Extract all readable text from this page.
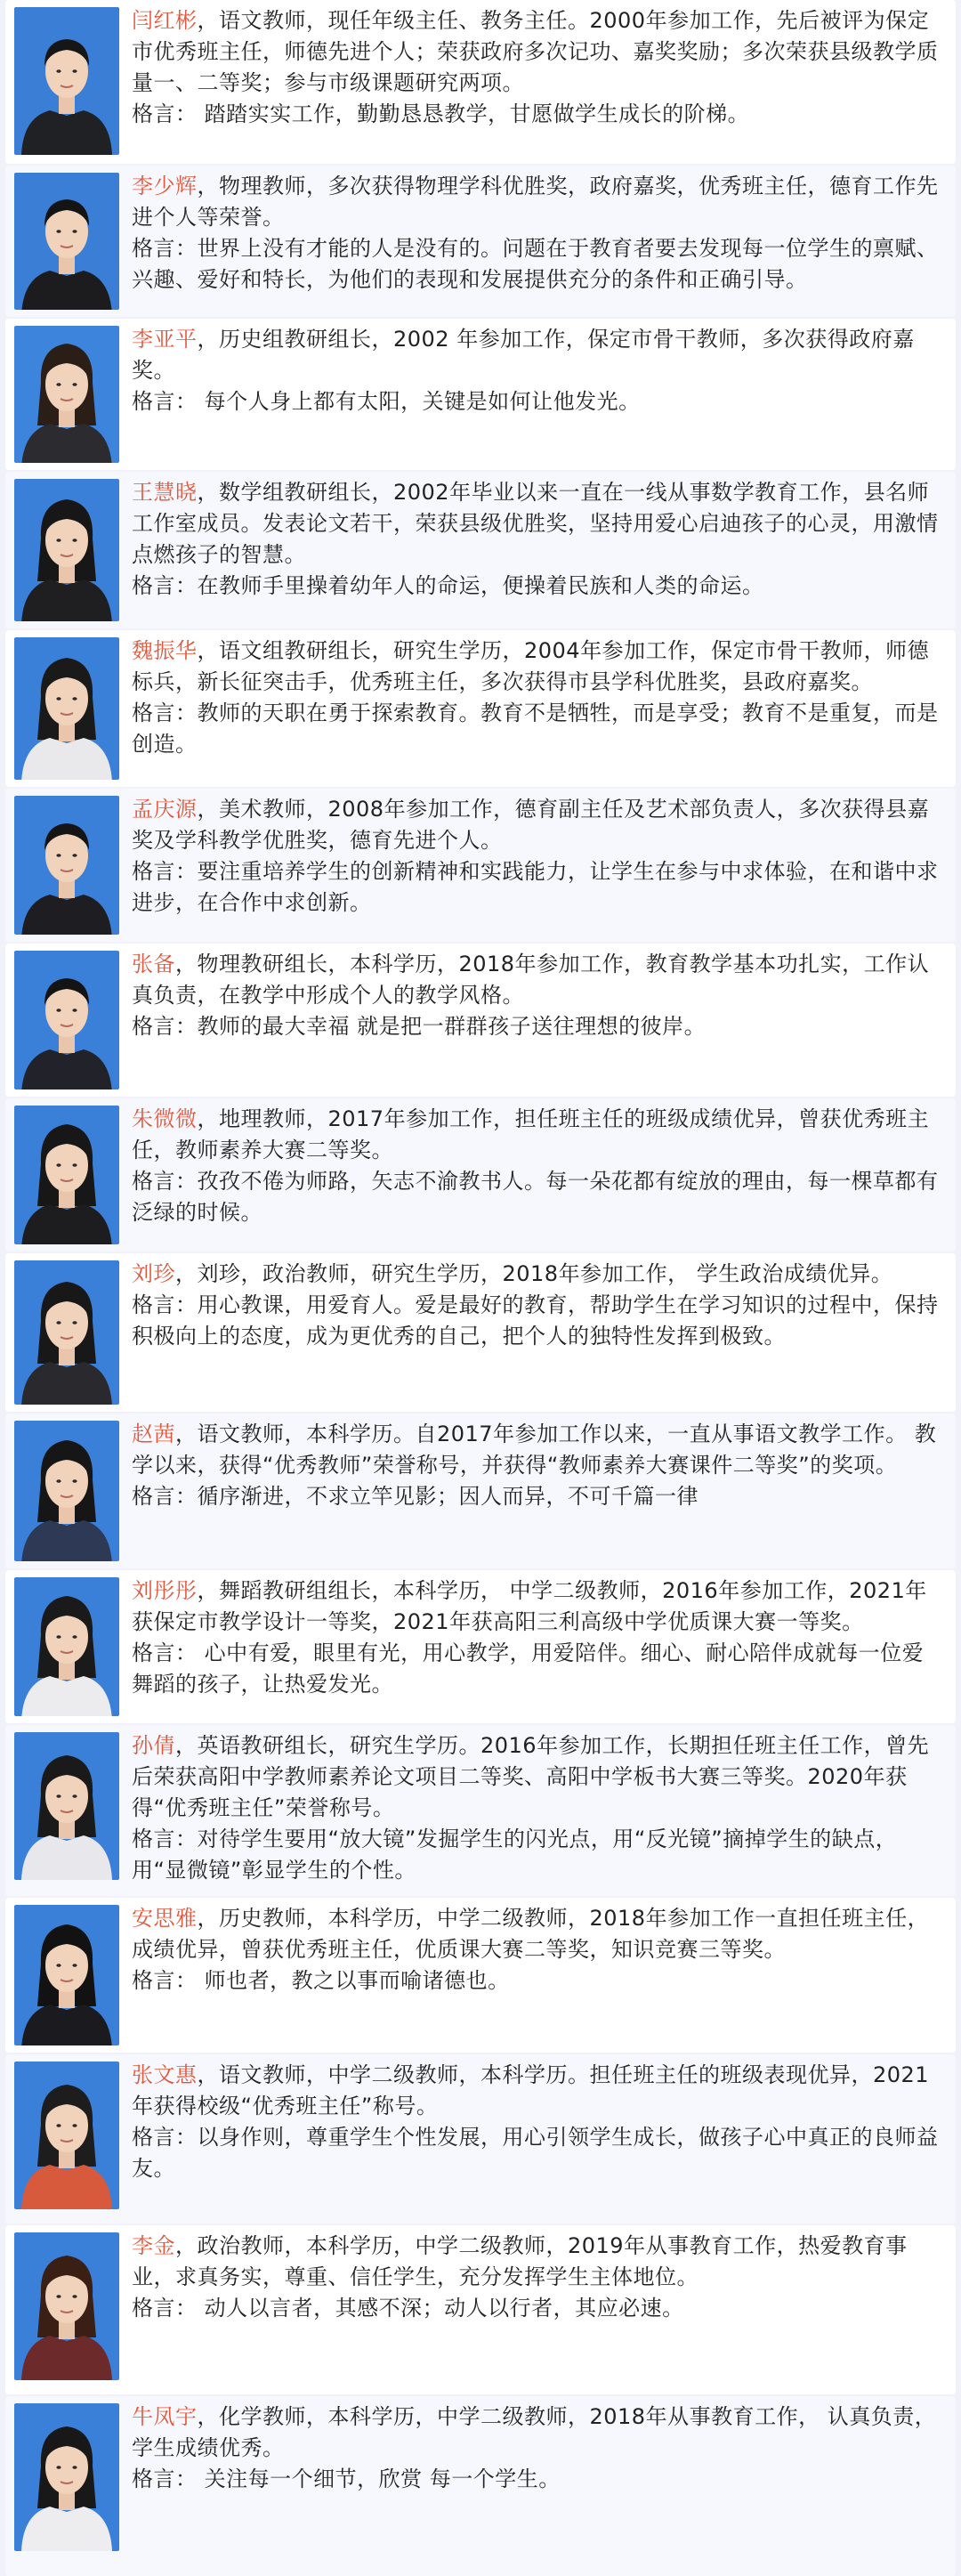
闫红彬，语文教师，现任年级主任、教务主任。2000年参加工作，先后被评为保定市优秀班主任，师德先进个人；荣获政府多次记功、嘉奖奖励；多次荣获县级教学质量一、二等奖；参与市级课题研究两项。
格言： 踏踏实实工作，勤勤恳恳教学，甘愿做学生成长的阶梯。
李少辉，物理教师，多次获得物理学科优胜奖，政府嘉奖，优秀班主任，德育工作先进个人等荣誉。
格言：世界上没有才能的人是没有的。问题在于教育者要去发现每一位学生的禀赋、兴趣、爱好和特长，为他们的表现和发展提供充分的条件和正确引导。
李亚平，历史组教研组长，2002 年参加工作，保定市骨干教师，多次获得政府嘉奖。
格言： 每个人身上都有太阳，关键是如何让他发光。
王慧晓，数学组教研组长，2002年毕业以来一直在一线从事数学教育工作，县名师工作室成员。发表论文若干，荣获县级优胜奖，坚持用爱心启迪孩子的心灵，用激情点燃孩子的智慧。
格言：在教师手里操着幼年人的命运，便操着民族和人类的命运。
魏振华，语文组教研组长，研究生学历，2004年参加工作，保定市骨干教师，师德标兵，新长征突击手，优秀班主任，多次获得市县学科优胜奖，县政府嘉奖。
格言：教师的天职在勇于探索教育。教育不是牺牲，而是享受；教育不是重复，而是创造。
孟庆源，美术教师，2008年参加工作，德育副主任及艺术部负责人，多次获得县嘉奖及学科教学优胜奖，德育先进个人。
格言：要注重培养学生的创新精神和实践能力，让学生在参与中求体验，在和谐中求进步，在合作中求创新。
张备，物理教研组长，本科学历，2018年参加工作，教育教学基本功扎实，工作认真负责，在教学中形成个人的教学风格。
格言：教师的最大幸福 就是把一群群孩子送往理想的彼岸。
朱微微，地理教师，2017年参加工作，担任班主任的班级成绩优异，曾获优秀班主任，教师素养大赛二等奖。
格言：孜孜不倦为师路，矢志不渝教书人。每一朵花都有绽放的理由，每一棵草都有泛绿的时候。
刘珍，刘珍，政治教师，研究生学历，2018年参加工作， 学生政治成绩优异。
格言：用心教课，用爱育人。爱是最好的教育，帮助学生在学习知识的过程中，保持积极向上的态度，成为更优秀的自己，把个人的独特性发挥到极致。
赵茜，语文教师，本科学历。自2017年参加工作以来，一直从事语文教学工作。 教学以来，获得“优秀教师”荣誉称号，并获得“教师素养大赛课件二等奖”的奖项。
格言：循序渐进，不求立竿见影；因人而异，不可千篇一律
刘彤彤，舞蹈教研组组长，本科学历， 中学二级教师，2016年参加工作，2021年获保定市教学设计一等奖，2021年获高阳三利高级中学优质课大赛一等奖。
格言： 心中有爱，眼里有光，用心教学，用爱陪伴。细心、耐心陪伴成就每一位爱舞蹈的孩子，让热爱发光。
孙倩，英语教研组长，研究生学历。2016年参加工作，长期担任班主任工作，曾先后荣获高阳中学教师素养论文项目二等奖、高阳中学板书大赛三等奖。2020年获得“优秀班主任”荣誉称号。
格言：对待学生要用“放大镜”发掘学生的闪光点，用“反光镜”摘掉学生的缺点，用“显微镜”彰显学生的个性。
安思雅，历史教师，本科学历，中学二级教师，2018年参加工作一直担任班主任，成绩优异，曾获优秀班主任，优质课大赛二等奖，知识竞赛三等奖。
格言： 师也者，教之以事而喻诸德也。
张文惠，语文教师，中学二级教师，本科学历。担任班主任的班级表现优异，2021年获得校级“优秀班主任”称号。
格言：以身作则，尊重学生个性发展，用心引领学生成长，做孩子心中真正的良师益友。
李金，政治教师，本科学历，中学二级教师，2019年从事教育工作，热爱教育事业，求真务实，尊重、信任学生，充分发挥学生主体地位。
格言： 动人以言者，其感不深；动人以行者，其应必速。
牛凤宇，化学教师，本科学历，中学二级教师，2018年从事教育工作， 认真负责，学生成绩优秀。
格言： 关注每一个细节，欣赏 每一个学生。
